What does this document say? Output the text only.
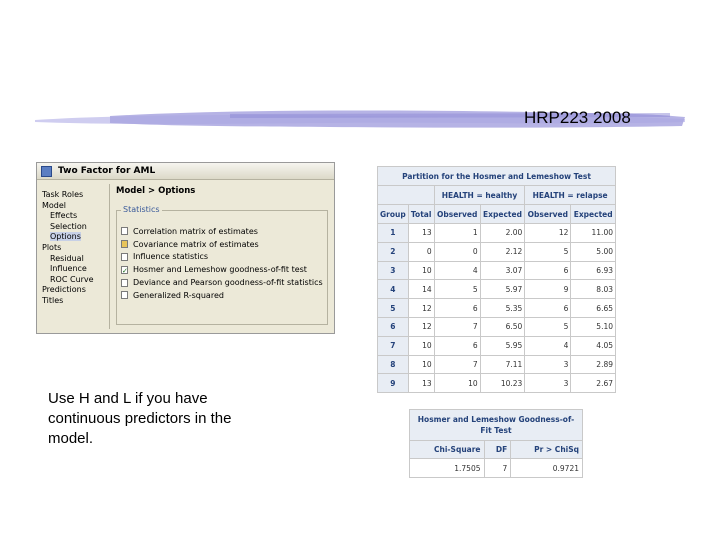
HRP223 2008
Two Factor for AML
Task Roles
Model
Effects
Selection
Options
Plots
Residual
Influence
ROC Curve
Predictions
Titles
Model > Options
Statistics
Correlation matrix of estimates
Covariance matrix of estimates
Influence statistics
✓ Hosmer and Lemeshow goodness-of-fit test
Deviance and Pearson goodness-of-fit statistics
Generalized R-squared
Partition for the Hosmer and Lemeshow Test					
		HEALTH = healthy		HEALTH = relapse	
Group	Total	Observed	Expected	Observed	Expected
1	13	1	2.00	12	11.00
2	0	0	2.12	5	5.00
3	10	4	3.07	6	6.93
4	14	5	5.97	9	8.03
5	12	6	5.35	6	6.65
6	12	7	6.50	5	5.10
7	10	6	5.95	4	4.05
8	10	7	7.11	3	2.89
9	13	10	10.23	3	2.67
Hosmer and Lemeshow Goodness-of-Fit Test		
Chi-Square	DF	Pr > ChiSq
1.7505	7	0.9721
Use H and L if you have continuous predictors in the model.
